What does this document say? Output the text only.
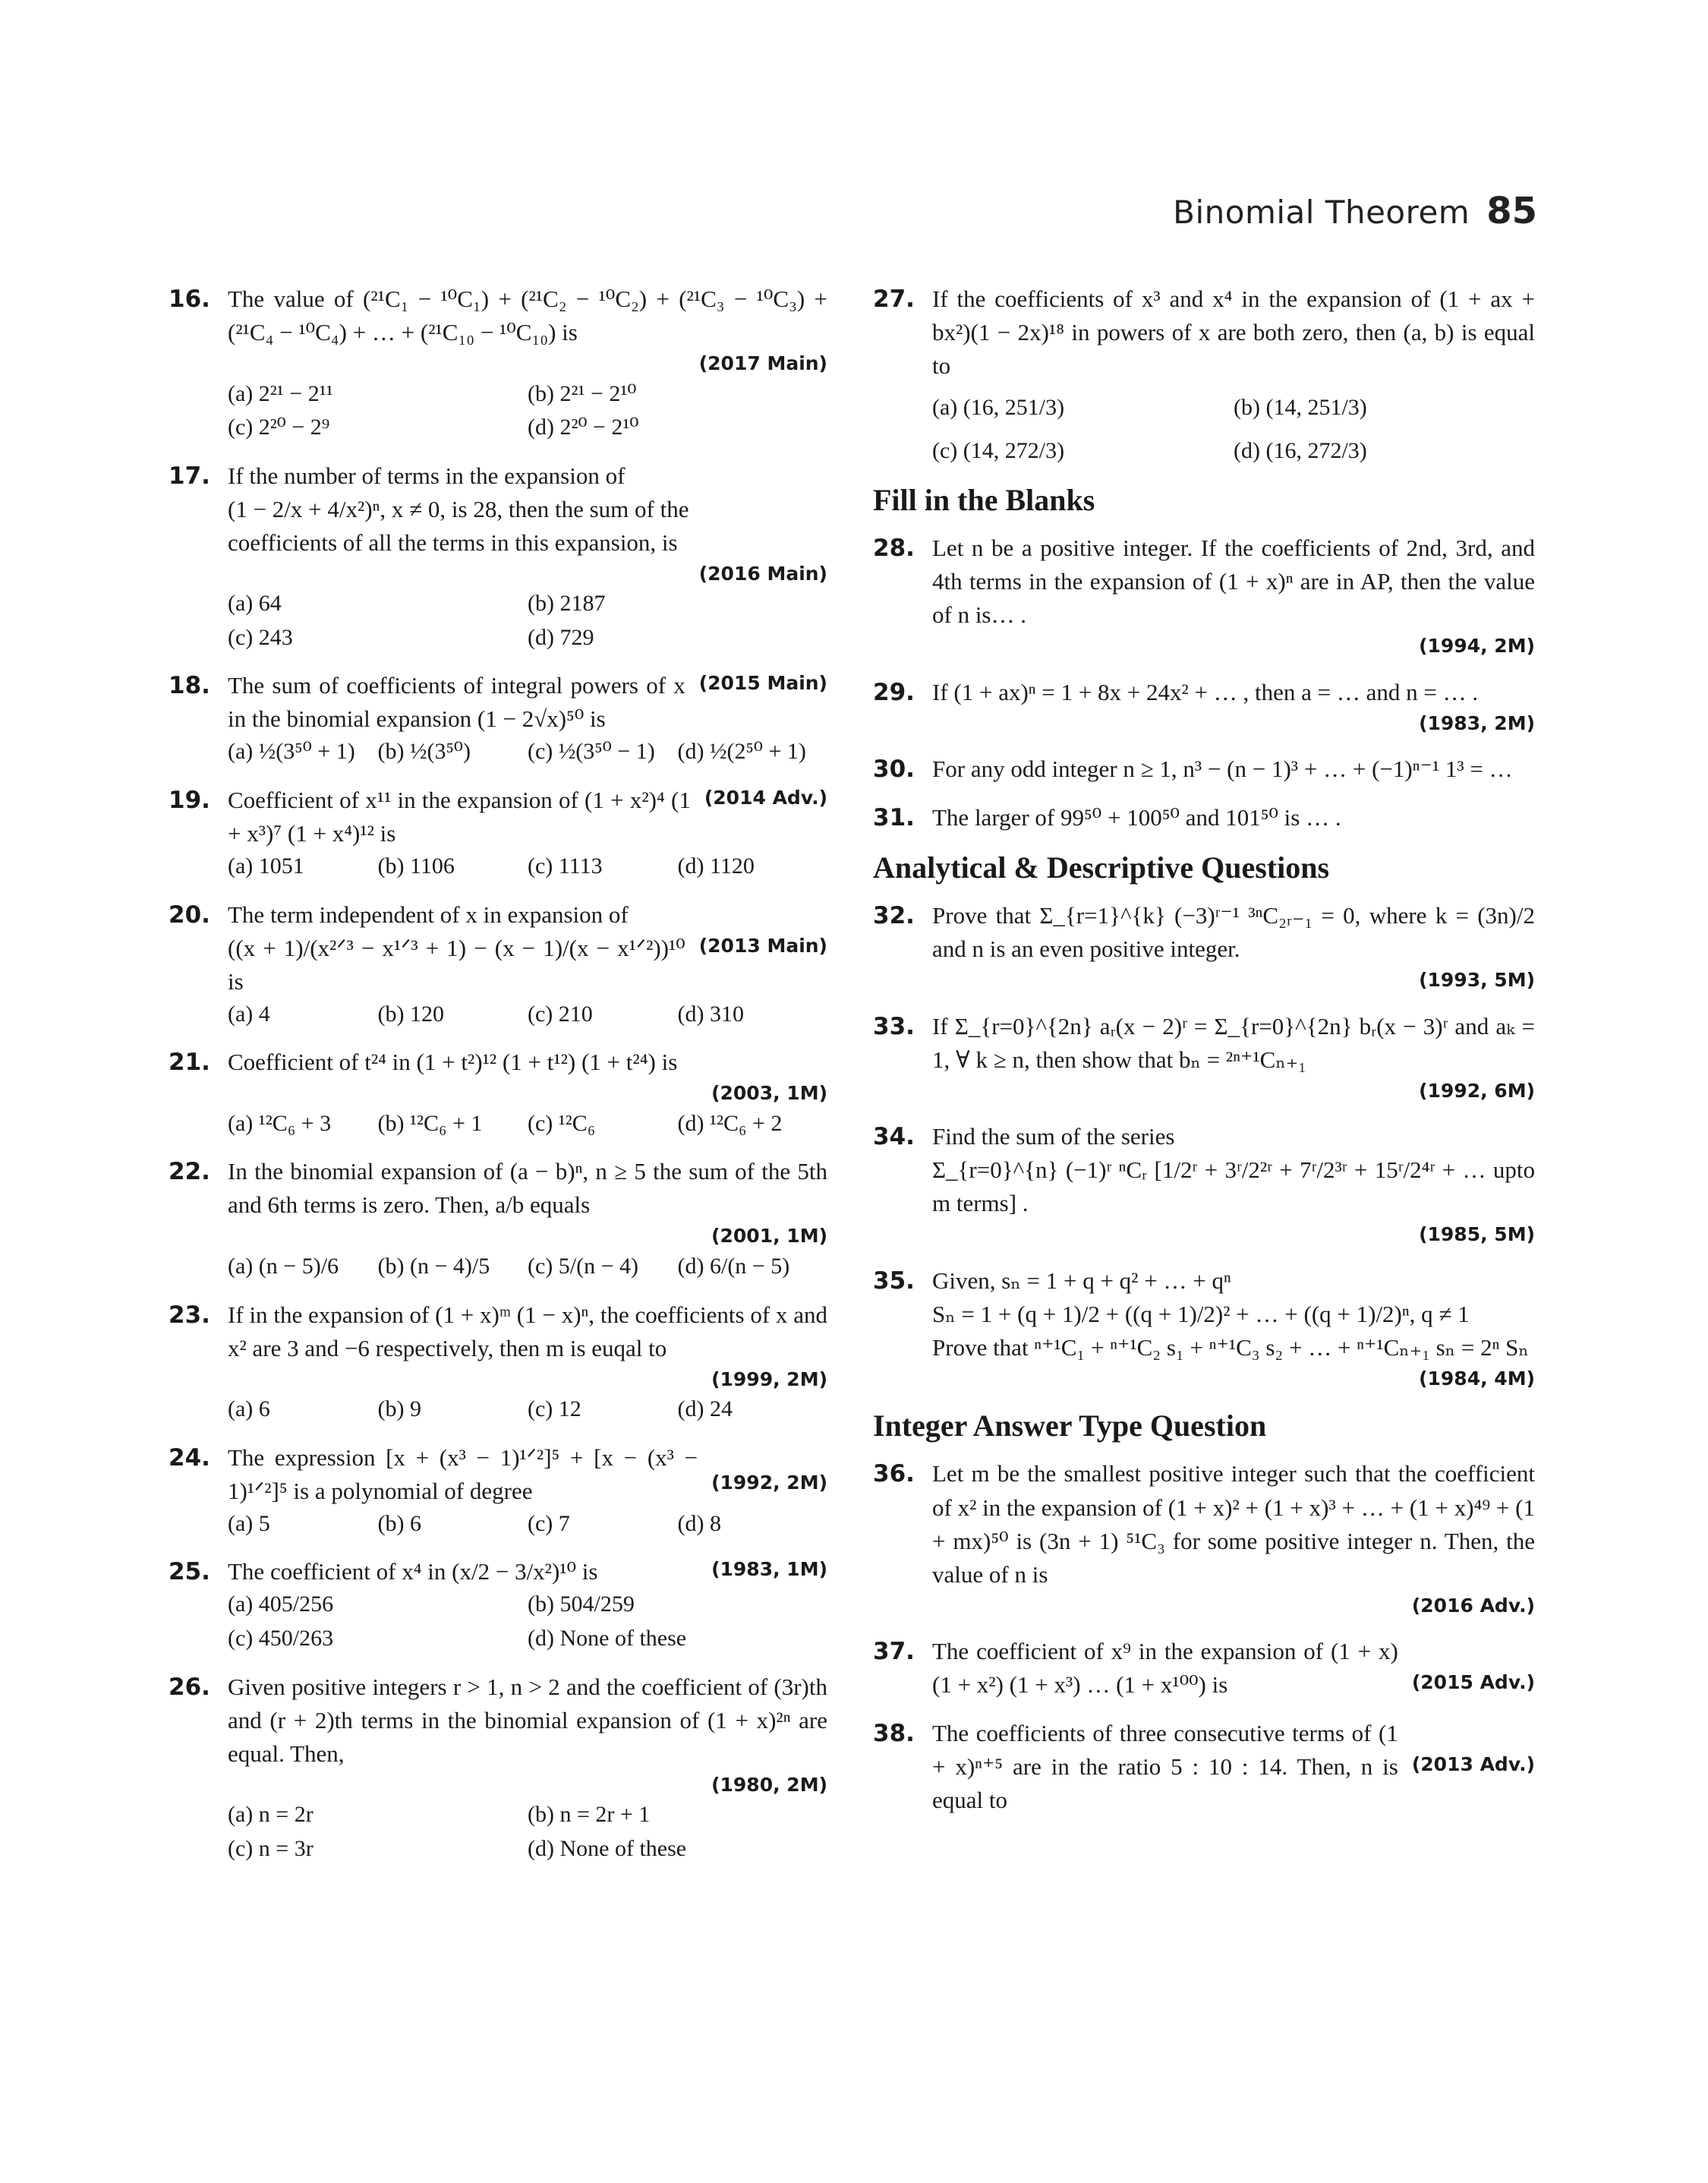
Binomial Theorem 85
16. The value of (²¹C₁ − ¹⁰C₁) + (²¹C₂ − ¹⁰C₂) + (²¹C₃ − ¹⁰C₃) + (²¹C₄ − ¹⁰C₄) + … + (²¹C₁₀ − ¹⁰C₁₀) is
(2017 Main)
(a) 2²¹ − 2¹¹	(b) 2²¹ − 2¹⁰
(c) 2²⁰ − 2⁹	(d) 2²⁰ − 2¹⁰
17. If the number of terms in the expansion of
(1 − 2/x + 4/x²)ⁿ, x ≠ 0, is 28, then the sum of the
coefficients of all the terms in this expansion, is
(2016 Main)
(a) 64	(b) 2187
(c) 243	(d) 729
18.	(2015 Main)
The sum of coefficients of integral powers of x in the binomial expansion (1 − 2√x)⁵⁰ is
(a) ½(3⁵⁰ + 1) (b) ½(3⁵⁰)	(c) ½(3⁵⁰ − 1) (d) ½(2⁵⁰ + 1)
19.	(2014 Adv.)
Coefficient of x¹¹ in the expansion of (1 + x²)⁴ (1 + x³)⁷ (1 + x⁴)¹² is
(a) 1051	(b) 1106	(c) 1113	(d) 1120
20. The term independent of x in expansion of
(2013 Main)
((x + 1)/(x²ᐟ³ − x¹ᐟ³ + 1) − (x − 1)/(x − x¹ᐟ²))¹⁰ is
(a) 4	(b) 120	(c) 210	(d) 310
21. Coefficient of t²⁴ in (1 + t²)¹² (1 + t¹²) (1 + t²⁴) is
(2003, 1M)
(a) ¹²C₆ + 3	(b) ¹²C₆ + 1	(c) ¹²C₆	(d) ¹²C₆ + 2
22. In the binomial expansion of (a − b)ⁿ, n ≥ 5 the sum of the 5th and 6th terms is zero. Then, a/b equals
(2001, 1M)
(a) (n − 5)/6	(b) (n − 4)/5	(c) 5/(n − 4)	(d) 6/(n − 5)
23. If in the expansion of (1 + x)ᵐ (1 − x)ⁿ, the coefficients of x and x² are 3 and −6 respectively, then m is euqal to
(1999, 2M)
(a) 6	(b) 9	(c) 12	(d) 24
24.
(1992, 2M)
The expression [x + (x³ − 1)¹ᐟ²]⁵ + [x − (x³ − 1)¹ᐟ²]⁵ is a polynomial of degree
(a) 5	(b) 6	(c) 7	(d) 8
25.	(1983, 1M)
The coefficient of x⁴ in (x/2 − 3/x²)¹⁰ is
(a) 405/256	(b) 504/259
(c) 450/263	(d) None of these
26. Given positive integers r > 1, n > 2 and the coefficient of (3r)th and (r + 2)th terms in the binomial expansion of (1 + x)²ⁿ are equal. Then,
(1980, 2M)
(a) n = 2r	(b) n = 2r + 1
(c) n = 3r	(d) None of these
27. If the coefficients of x³ and x⁴ in the expansion of (1 + ax + bx²)(1 − 2x)¹⁸ in powers of x are both zero, then (a, b) is equal to
(a) (16, 251/3)	(b) (14, 251/3)
(c) (14, 272/3)	(d) (16, 272/3)
Fill in the Blanks
28. Let n be a positive integer. If the coefficients of 2nd, 3rd, and 4th terms in the expansion of (1 + x)ⁿ are in AP, then the value of n is… .
(1994, 2M)
29. If (1 + ax)ⁿ = 1 + 8x + 24x² + … , then a = … and n = … .
(1983, 2M)
30. For any odd integer n ≥ 1, n³ − (n − 1)³ + … + (−1)ⁿ⁻¹ 1³ = …
31. The larger of 99⁵⁰ + 100⁵⁰ and 101⁵⁰ is … .
Analytical & Descriptive Questions
32. Prove that Σ_{r=1}^{k} (−3)ʳ⁻¹ ³ⁿC₂ᵣ₋₁ = 0, where k = (3n)/2 and n is an even positive integer.
(1993, 5M)
33. If Σ_{r=0}^{2n} aᵣ(x − 2)ʳ = Σ_{r=0}^{2n} bᵣ(x − 3)ʳ and aₖ = 1, ∀ k ≥ n, then show that bₙ = ²ⁿ⁺¹Cₙ₊₁
(1992, 6M)
34. Find the sum of the series
Σ_{r=0}^{n} (−1)ʳ ⁿCᵣ [1/2ʳ + 3ʳ/2²ʳ + 7ʳ/2³ʳ + 15ʳ/2⁴ʳ + … upto m terms] .
(1985, 5M)
35. Given, sₙ = 1 + q + q² + … + qⁿ
Sₙ = 1 + (q + 1)/2 + ((q + 1)/2)² + … + ((q + 1)/2)ⁿ, q ≠ 1
Prove that ⁿ⁺¹C₁ + ⁿ⁺¹C₂ s₁ + ⁿ⁺¹C₃ s₂ + … + ⁿ⁺¹Cₙ₊₁ sₙ = 2ⁿ Sₙ
(1984, 4M)
Integer Answer Type Question
36. Let m be the smallest positive integer such that the coefficient of x² in the expansion of (1 + x)² + (1 + x)³ + … + (1 + x)⁴⁹ + (1 + mx)⁵⁰ is (3n + 1) ⁵¹C₃ for some positive integer n. Then, the value of n is
(2016 Adv.)
37.
(2015 Adv.)
The coefficient of x⁹ in the expansion of (1 + x) (1 + x²) (1 + x³) … (1 + x¹⁰⁰) is
38.
(2013 Adv.)
The coefficients of three consecutive terms of (1 + x)ⁿ⁺⁵ are in the ratio 5 : 10 : 14. Then, n is equal to
